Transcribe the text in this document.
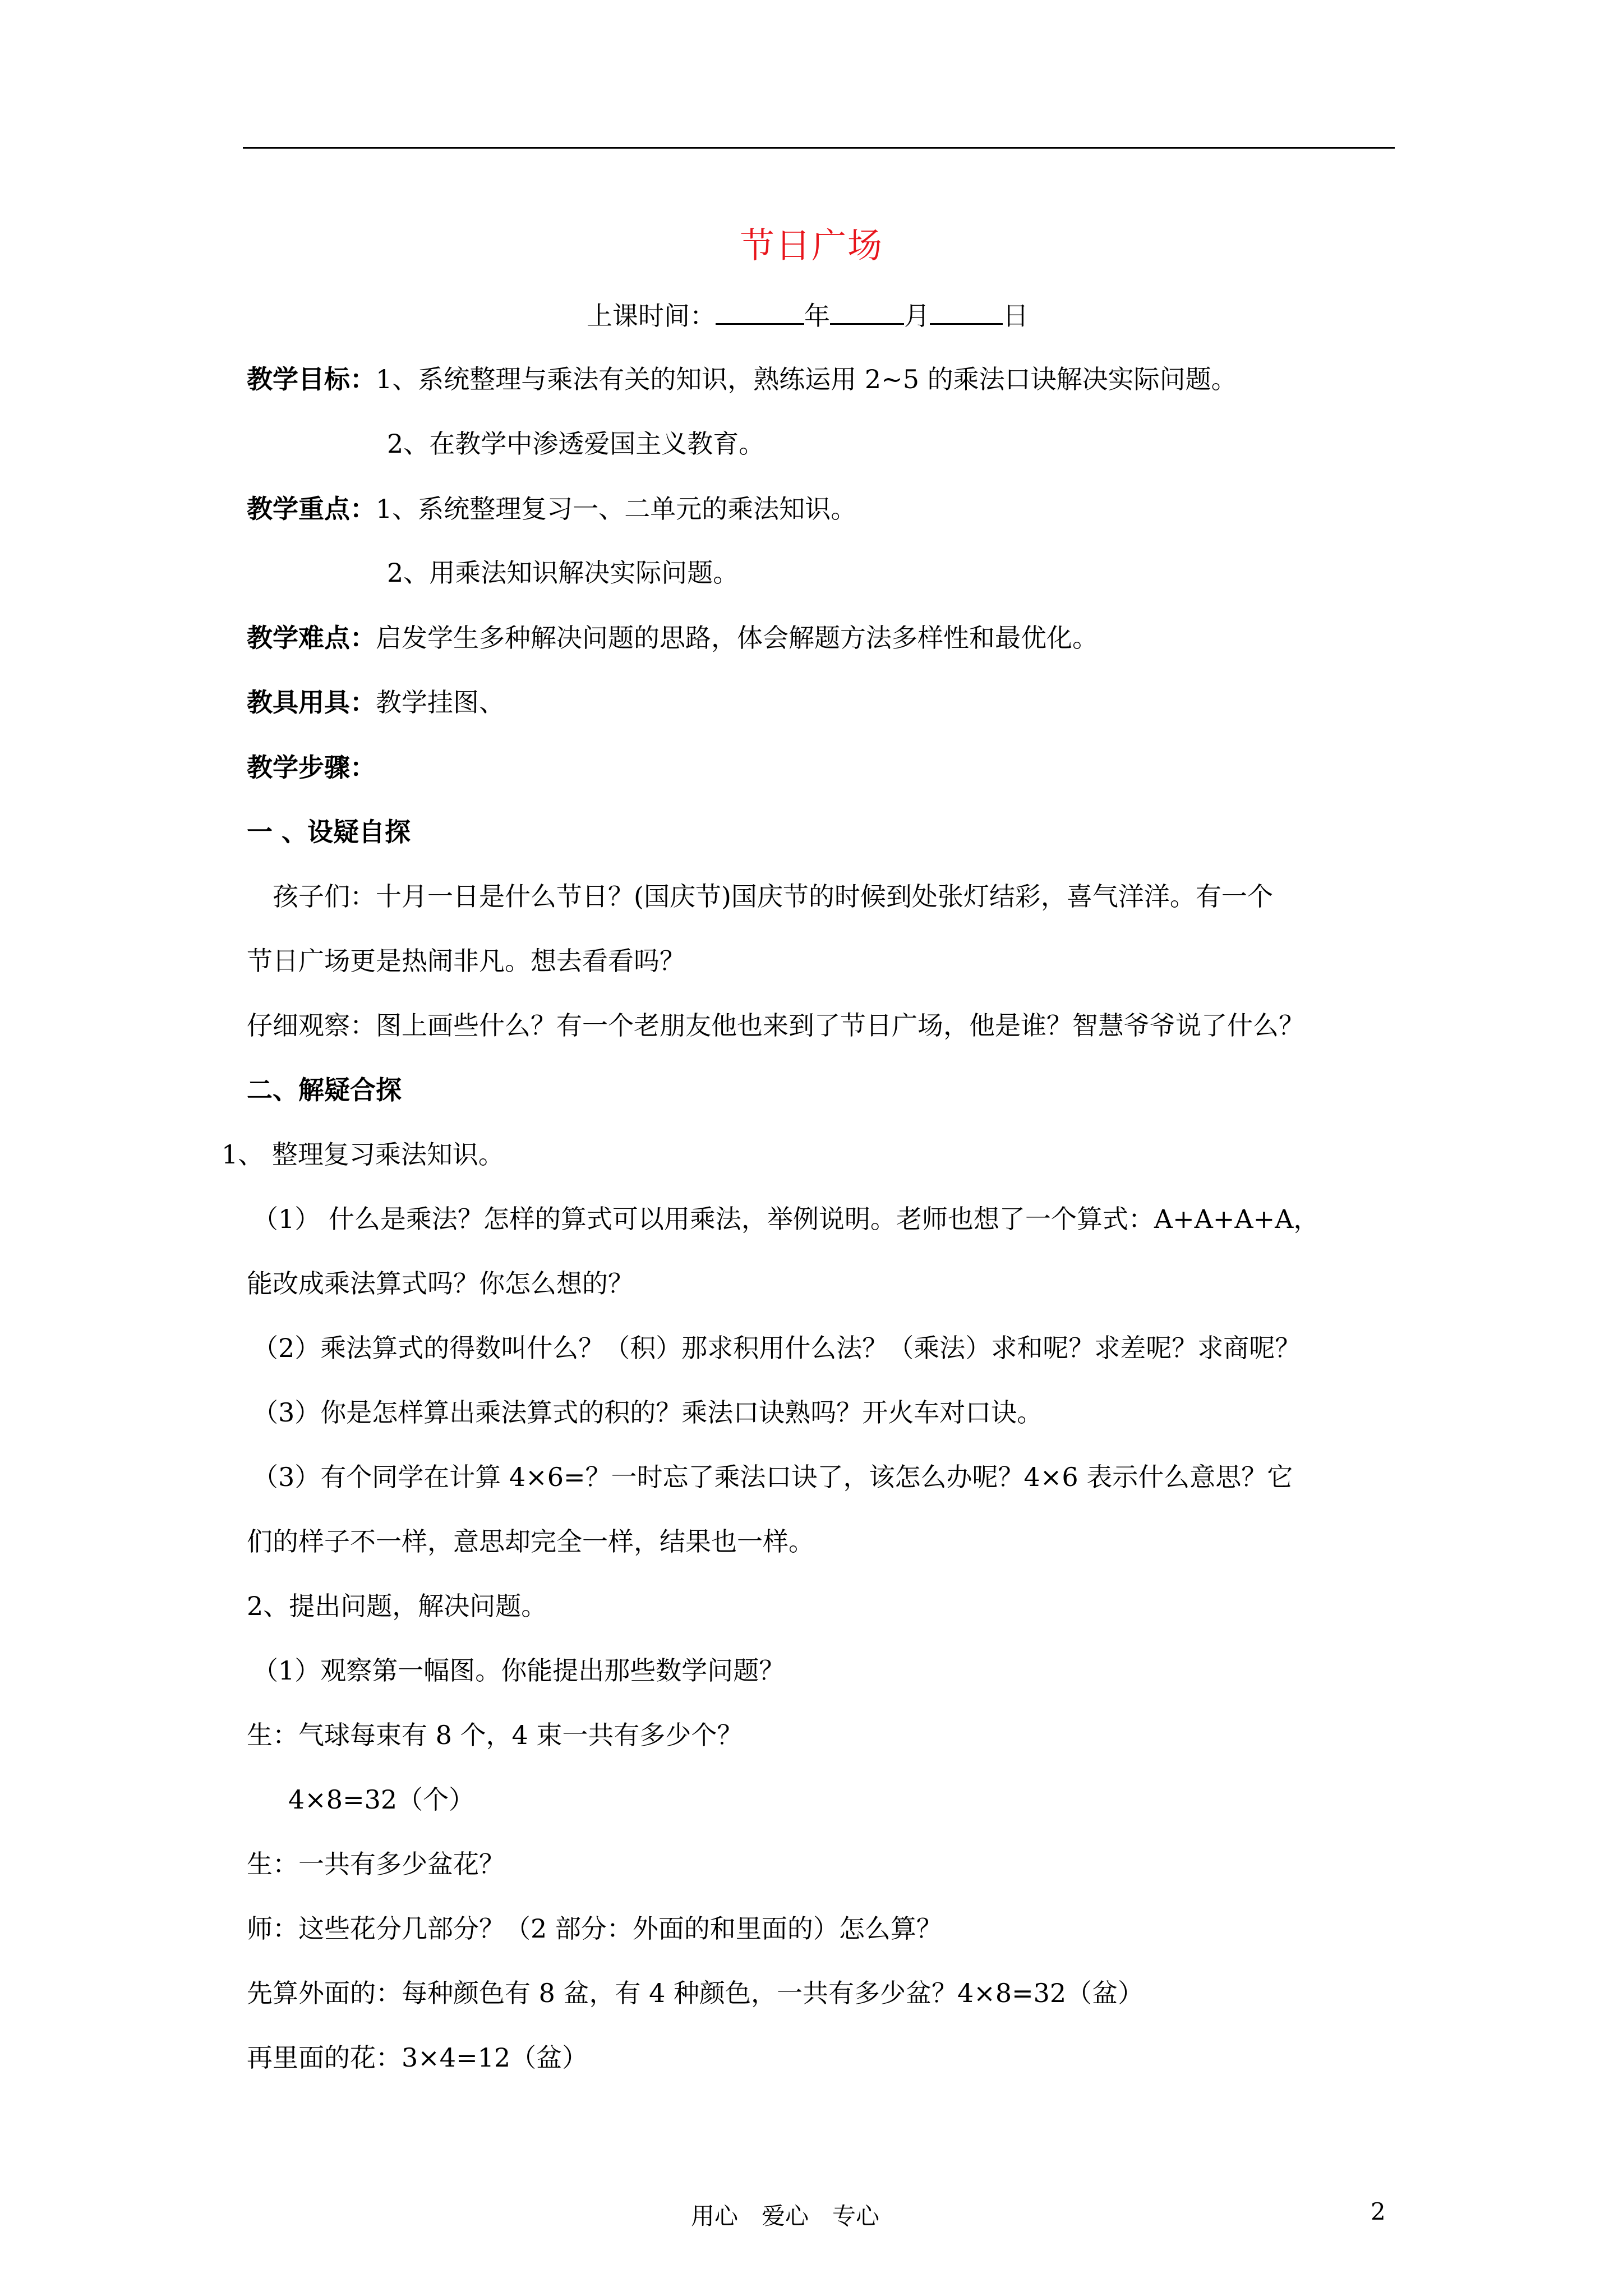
节日广场
上课时间：	年	月	日
教学目标：1、系统整理与乘法有关的知识，熟练运用 2~5 的乘法口诀解决实际问题。
2、在教学中渗透爱国主义教育。
教学重点：1、系统整理复习一、二单元的乘法知识。
2、用乘法知识解决实际问题。
教学难点：启发学生多种解决问题的思路，体会解题方法多样性和最优化。
教具用具：教学挂图、
教学步骤：
一 、设疑自探
孩子们：十月一日是什么节日？(国庆节)国庆节的时候到处张灯结彩，喜气洋洋。有一个
节日广场更是热闹非凡。想去看看吗？
仔细观察：图上画些什么？有一个老朋友他也来到了节日广场，他是谁？智慧爷爷说了什么？
二、解疑合探
1、 整理复习乘法知识。
（1） 什么是乘法？怎样的算式可以用乘法，举例说明。老师也想了一个算式：A+A+A+A，
能改成乘法算式吗？你怎么想的？
（2）乘法算式的得数叫什么？（积）那求积用什么法？（乘法）求和呢？求差呢？求商呢？
（3）你是怎样算出乘法算式的积的？乘法口诀熟吗？开火车对口诀。
（3）有个同学在计算 4×6=？一时忘了乘法口诀了，该怎么办呢？4×6 表示什么意思？它
们的样子不一样，意思却完全一样，结果也一样。
2、提出问题，解决问题。
（1）观察第一幅图。你能提出那些数学问题？
生：气球每束有 8 个，4 束一共有多少个？
4×8=32（个）
生：一共有多少盆花？
师：这些花分几部分？（2 部分：外面的和里面的）怎么算？
先算外面的：每种颜色有 8 盆，有 4 种颜色，一共有多少盆？4×8=32（盆）
再里面的花：3×4=12（盆）
用心　爱心　专心	2
